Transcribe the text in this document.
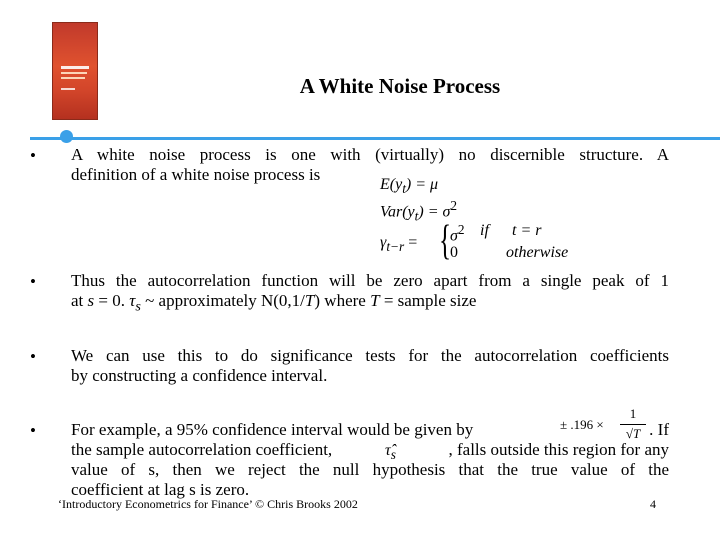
A White Noise Process
• A white noise process is one with (virtually) no discernible structure. A
definition of a white noise process is
$E(y_t) = \mu$
$Var(y_t) = \sigma^2$
$\gamma_{t-r}$ = {
$\sigma^2$ if t = r
0	otherwise
• Thus the autocorrelation function will be zero apart from a single peak of 1
at s = 0. $\tau_s$ ~ approximately N(0,1/T) where T = sample size
• We can use this to do significance tests for the autocorrelation coefficients
by constructing a confidence interval.
• For example, a 95% confidence interval would be given by	. If
the sample autocorrelation coefficient,	, falls outside this region for any
value of s, then we reject the null hypothesis that the true value of the
coefficient at lag s is zero.
± .196 ×
1
√T
$\taû_s$
‘Introductory Econometrics for Finance’ © Chris Brooks 2002	4
